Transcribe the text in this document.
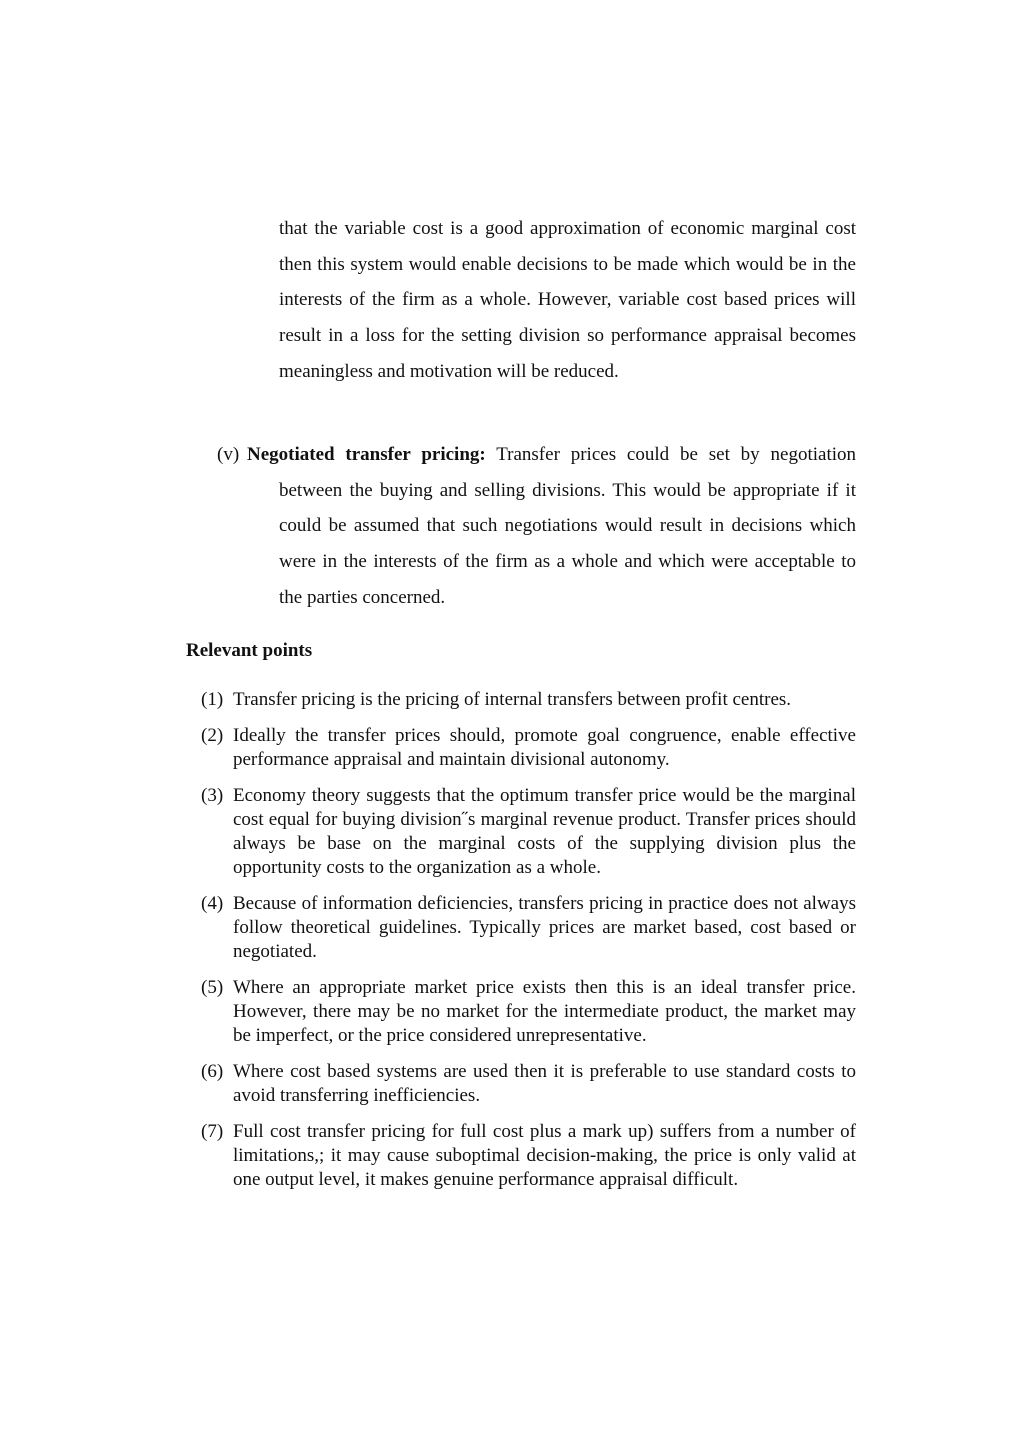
that the variable cost is a good approximation of economic marginal cost then this system would enable decisions to be made which would be in the interests of the firm as a whole. However, variable cost based prices will result in a loss for the setting division so performance appraisal becomes meaningless and motivation will be reduced.

(v) Negotiated transfer pricing: Transfer prices could be set by negotiation between the buying and selling divisions. This would be appropriate if it could be assumed that such negotiations would result in decisions which were in the interests of the firm as a whole and which were acceptable to the parties concerned.

Relevant points
(1) Transfer pricing is the pricing of internal transfers between profit centres.
(2) Ideally the transfer prices should, promote goal congruence, enable effective performance appraisal and maintain divisional autonomy.
(3) Economy theory suggests that the optimum transfer price would be the marginal cost equal for buying division˝s marginal revenue product. Transfer prices should always be base on the marginal costs of the supplying division plus the opportunity costs to the organization as a whole.
(4) Because of information deficiencies, transfers pricing in practice does not always follow theoretical guidelines. Typically prices are market based, cost based or negotiated.
(5) Where an appropriate market price exists then this is an ideal transfer price. However, there may be no market for the intermediate product, the market may be imperfect, or the price considered unrepresentative.
(6) Where cost based systems are used then it is preferable to use standard costs to avoid transferring inefficiencies.
(7) Full cost transfer pricing for full cost plus a mark up) suffers from a number of limitations,; it may cause suboptimal decision-making, the price is only valid at one output level, it makes genuine performance appraisal difficult.
